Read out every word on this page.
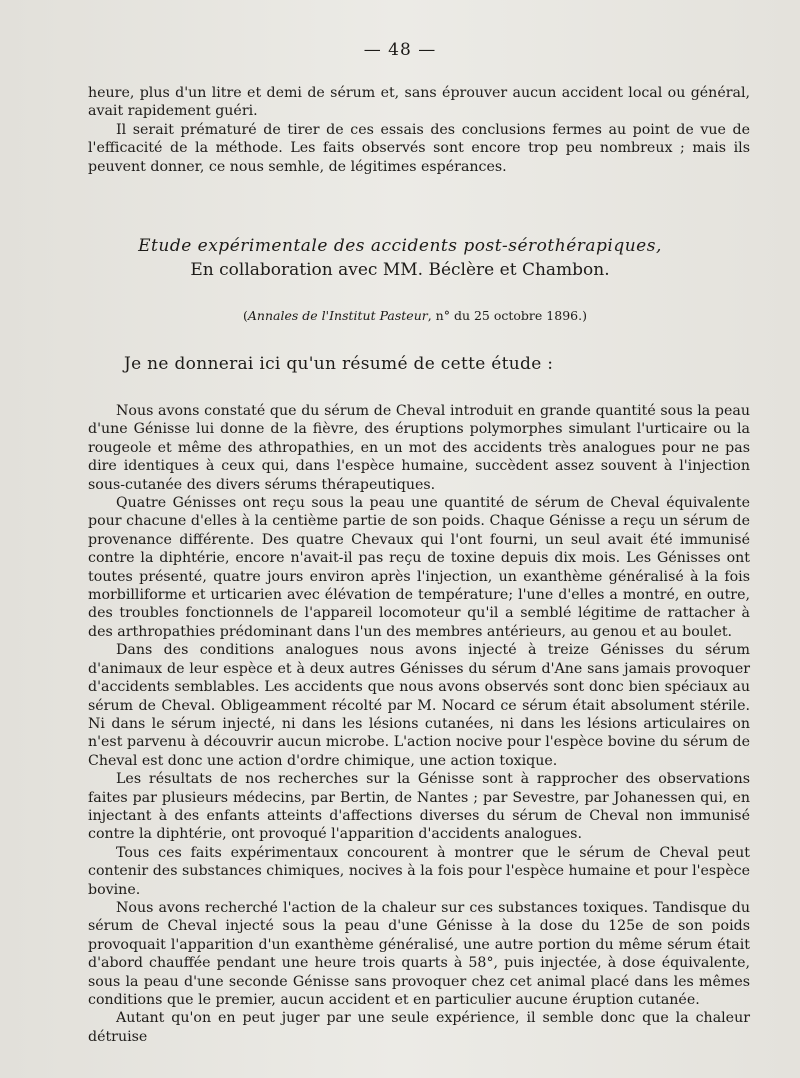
— 48 —

heure, plus d'un litre et demi de sérum et, sans éprouver aucun accident local ou général, avait rapidement guéri.

Il serait prématuré de tirer de ces essais des conclusions fermes au point de vue de l'efficacité de la méthode. Les faits observés sont encore trop peu nombreux ; mais ils peuvent donner, ce nous semhle, de légitimes espérances.

Etude expérimentale des accidents post-sérothérapiques,
En collaboration avec MM. Béclère et Chambon.
(Annales de l'Institut Pasteur, n° du 25 octobre 1896.)
Je ne donnerai ici qu'un résumé de cette étude :

Nous avons constaté que du sérum de Cheval introduit en grande quantité sous la peau d'une Génisse lui donne de la fièvre, des éruptions polymorphes simulant l'urticaire ou la rougeole et même des athropathies, en un mot des accidents très analogues pour ne pas dire identiques à ceux qui, dans l'espèce humaine, succèdent assez souvent à l'injection sous-cutanée des divers sérums thérapeutiques.

Quatre Génisses ont reçu sous la peau une quantité de sérum de Cheval équivalente pour chacune d'elles à la centième partie de son poids. Chaque Génisse a reçu un sérum de provenance différente. Des quatre Chevaux qui l'ont fourni, un seul avait été immunisé contre la diphtérie, encore n'avait-il pas reçu de toxine depuis dix mois. Les Génisses ont toutes présenté, quatre jours environ après l'injection, un exanthème généralisé à la fois morbilliforme et urticarien avec élévation de température; l'une d'elles a montré, en outre, des troubles fonctionnels de l'appareil locomoteur qu'il a semblé légitime de rattacher à des arthropathies prédominant dans l'un des membres antérieurs, au genou et au boulet.

Dans des conditions analogues nous avons injecté à treize Génisses du sérum d'animaux de leur espèce et à deux autres Génisses du sérum d'Ane sans jamais provoquer d'accidents semblables. Les accidents que nous avons observés sont donc bien spéciaux au sérum de Cheval. Obligeamment récolté par M. Nocard ce sérum était absolument stérile. Ni dans le sérum injecté, ni dans les lésions cutanées, ni dans les lésions articulaires on n'est parvenu à découvrir aucun microbe. L'action nocive pour l'espèce bovine du sérum de Cheval est donc une action d'ordre chimique, une action toxique.

Les résultats de nos recherches sur la Génisse sont à rapprocher des observations faites par plusieurs médecins, par Bertin, de Nantes ; par Sevestre, par Johanessen qui, en injectant à des enfants atteints d'affections diverses du sérum de Cheval non immunisé contre la diphtérie, ont provoqué l'apparition d'accidents analogues.

Tous ces faits expérimentaux concourent à montrer que le sérum de Cheval peut contenir des substances chimiques, nocives à la fois pour l'espèce humaine et pour l'espèce bovine.

Nous avons recherché l'action de la chaleur sur ces substances toxiques. Tandisque du sérum de Cheval injecté sous la peau d'une Génisse à la dose du 125e de son poids provoquait l'apparition d'un exanthème généralisé, une autre portion du même sérum était d'abord chauffée pendant une heure trois quarts à 58°, puis injectée, à dose équivalente, sous la peau d'une seconde Génisse sans provoquer chez cet animal placé dans les mêmes conditions que le premier, aucun accident et en particulier aucune éruption cutanée.

Autant qu'on en peut juger par une seule expérience, il semble donc que la chaleur détruise
